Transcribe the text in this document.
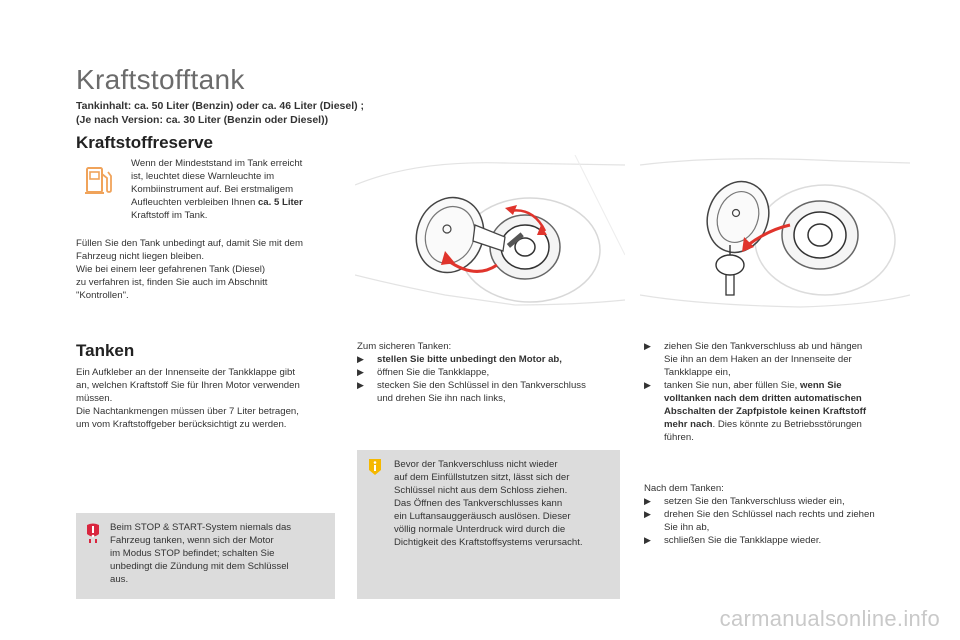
Kraftstofftank
Tankinhalt: ca. 50 Liter (Benzin) oder ca. 46 Liter (Diesel) ;
(Je nach Version: ca. 30 Liter (Benzin oder Diesel))
Kraftstoffreserve
Wenn der Mindeststand im Tank erreicht
ist, leuchtet diese Warnleuchte im
Kombiinstrument auf. Bei erstmaligem
Aufleuchten verbleiben Ihnen ca. 5 Liter
Kraftstoff im Tank.
Füllen Sie den Tank unbedingt auf, damit Sie mit dem
Fahrzeug nicht liegen bleiben.
Wie bei einem leer gefahrenen Tank (Diesel)
zu verfahren ist, finden Sie auch im Abschnitt
"Kontrollen".
Tanken
Ein Aufkleber an der Innenseite der Tankklappe gibt
an, welchen Kraftstoff Sie für Ihren Motor verwenden
müssen.
Die Nachtankmengen müssen über 7 Liter betragen,
um vom Kraftstoffgeber berücksichtigt zu werden.
Beim STOP & START-System niemals das
Fahrzeug tanken, wenn sich der Motor
im Modus STOP befindet; schalten Sie
unbedingt die Zündung mit dem Schlüssel
aus.
Zum sicheren Tanken:
▶ stellen Sie bitte unbedingt den Motor ab,
▶ öffnen Sie die Tankklappe,
▶ stecken Sie den Schlüssel in den Tankverschluss
und drehen Sie ihn nach links,
Bevor der Tankverschluss nicht wieder
auf dem Einfüllstutzen sitzt, lässt sich der
Schlüssel nicht aus dem Schloss ziehen.
Das Öffnen des Tankverschlusses kann
ein Luftansauggeräusch auslösen. Dieser
völlig normale Unterdruck wird durch die
Dichtigkeit des Kraftstoffsystems verursacht.
▶ ziehen Sie den Tankverschluss ab und hängen
Sie ihn an dem Haken an der Innenseite der
Tankklappe ein,
▶ tanken Sie nun, aber füllen Sie, wenn Sie
volltanken nach dem dritten automatischen
Abschalten der Zapfpistole keinen Kraftstoff
mehr nach. Dies könnte zu Betriebsstörungen
führen.
Nach dem Tanken:
▶ setzen Sie den Tankverschluss wieder ein,
▶ drehen Sie den Schlüssel nach rechts und ziehen
Sie ihn ab,
▶ schließen Sie die Tankklappe wieder.
carmanualsonline.info
